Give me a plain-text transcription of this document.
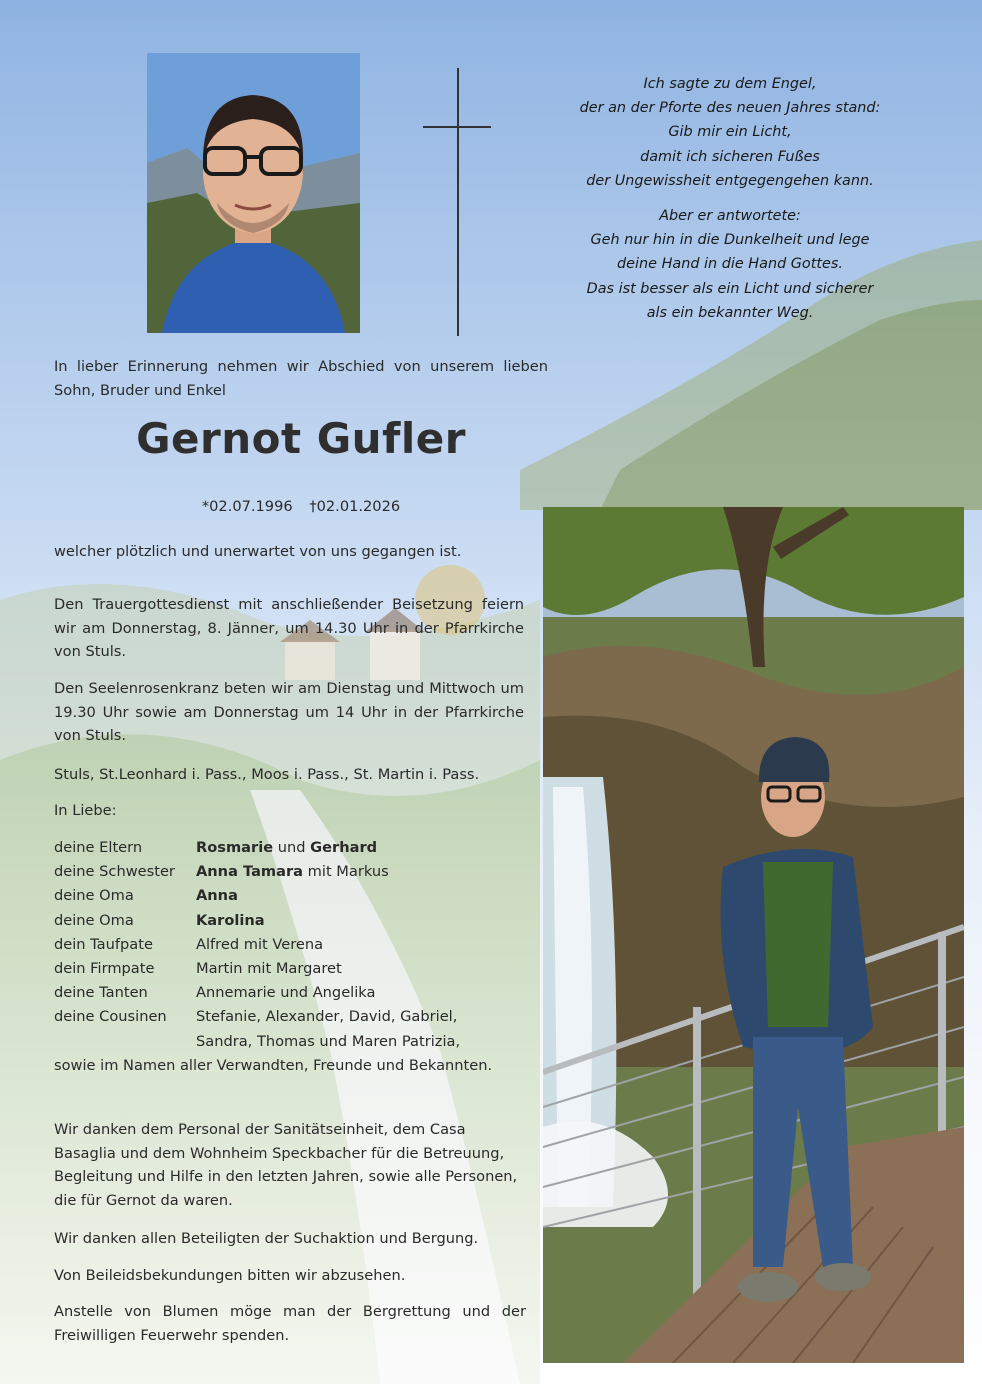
Ich sagte zu dem Engel,
der an der Pforte des neuen Jahres stand:
Gib mir ein Licht,
damit ich sicheren Fußes
der Ungewissheit entgegengehen kann.
Aber er antwortete:
Geh nur hin in die Dunkelheit und lege
deine Hand in die Hand Gottes.
Das ist besser als ein Licht und sicherer
als ein bekannter Weg.
In lieber Erinnerung nehmen wir Abschied von unserem lieben Sohn, Bruder und Enkel
Gernot Gufler
*02.07.1996 †02.01.2026
welcher plötzlich und unerwartet von uns gegangen ist.
Den Trauergottesdienst mit anschließender Beisetzung feiern wir am Donnerstag, 8. Jänner, um 14.30 Uhr in der Pfarrkirche von Stuls.
Den Seelenrosenkranz beten wir am Dienstag und Mittwoch um 19.30 Uhr sowie am Donnerstag um 14 Uhr in der Pfarrkirche von Stuls.
Stuls, St.Leonhard i. Pass., Moos i. Pass., St. Martin i. Pass.
In Liebe:
deine Eltern	Rosmarie und Gerhard
deine Schwester	Anna Tamara mit Markus
deine Oma	Anna
deine Oma	Karolina
dein Taufpate	Alfred mit Verena
dein Firmpate	Martin mit Margaret
deine Tanten	Annemarie und Angelika
deine Cousinen	Stefanie, Alexander, David, Gabriel,
Sandra, Thomas und Maren Patrizia,
sowie im Namen aller Verwandten, Freunde und Bekannten.
Wir danken dem Personal der Sanitätseinheit, dem Casa Basaglia und dem Wohnheim Speckbacher für die Betreuung, Begleitung und Hilfe in den letzten Jahren, sowie alle Personen, die für Gernot da waren.
Wir danken allen Beteiligten der Suchaktion und Bergung.
Von Beileidsbekundungen bitten wir abzusehen.
Anstelle von Blumen möge man der Bergrettung und der Freiwilligen Feuerwehr spenden.
